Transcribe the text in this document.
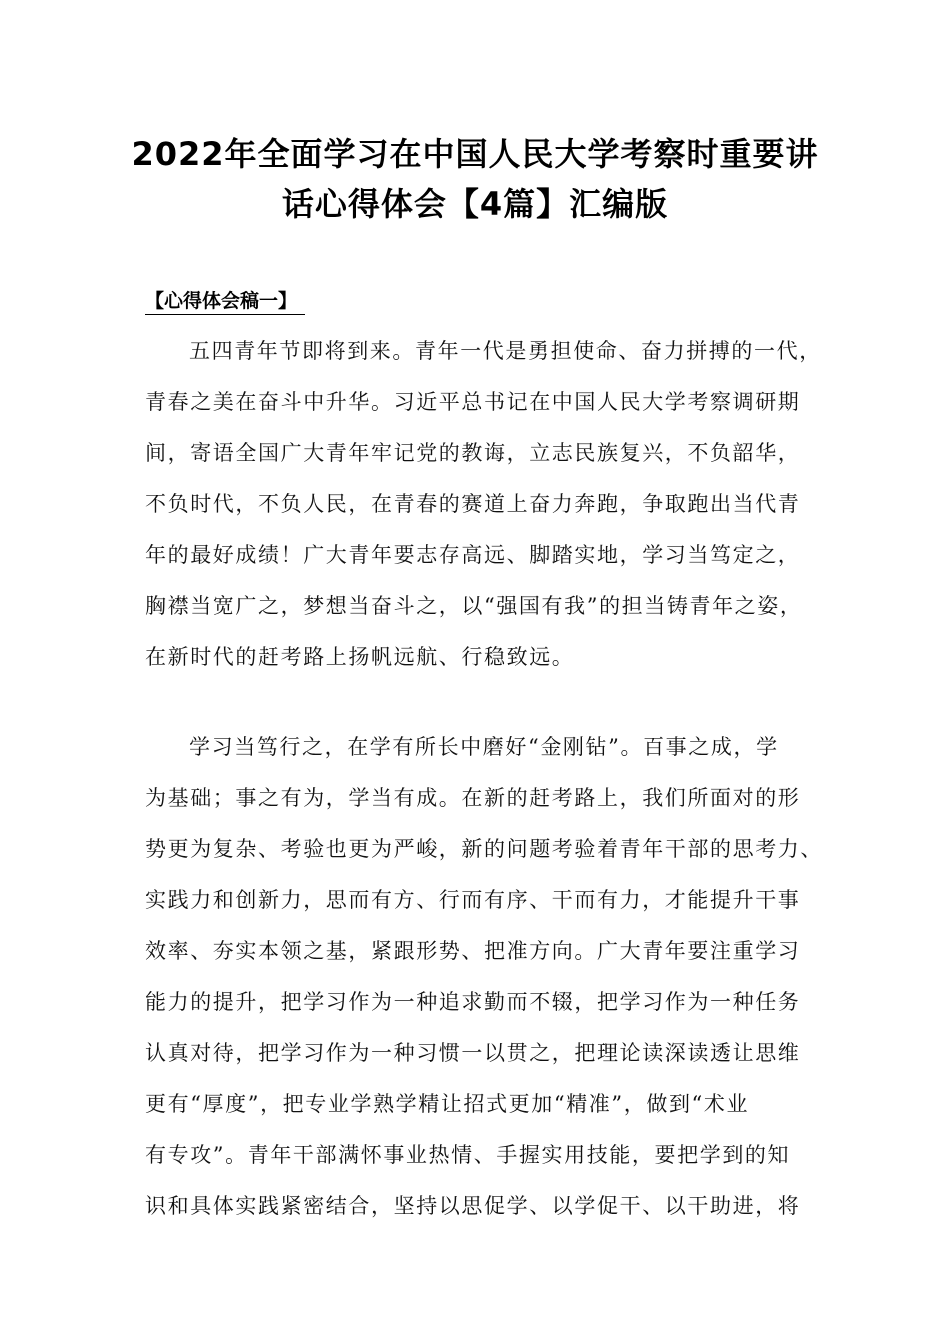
2022年全面学习在中国人民大学考察时重要讲
话心得体会【4篇】汇编版
【心得体会稿一】

五四青年节即将到来。青年一代是勇担使命、奋力拼搏的一代，
青春之美在奋斗中升华。习近平总书记在中国人民大学考察调研期
间，寄语全国广大青年牢记党的教诲，立志民族复兴，不负韶华，
不负时代，不负人民，在青春的赛道上奋力奔跑，争取跑出当代青
年的最好成绩！广大青年要志存高远、脚踏实地，学习当笃定之，
胸襟当宽广之，梦想当奋斗之，以“强国有我”的担当铸青年之姿，
在新时代的赶考路上扬帆远航、行稳致远。

学习当笃行之，在学有所长中磨好“金刚钻”。百事之成，学
为基础；事之有为，学当有成。在新的赶考路上，我们所面对的形
势更为复杂、考验也更为严峻，新的问题考验着青年干部的思考力、
实践力和创新力，思而有方、行而有序、干而有力，才能提升干事
效率、夯实本领之基，紧跟形势、把准方向。广大青年要注重学习
能力的提升，把学习作为一种追求勤而不辍，把学习作为一种任务
认真对待，把学习作为一种习惯一以贯之，把理论读深读透让思维
更有“厚度”，把专业学熟学精让招式更加“精准”，做到“术业
有专攻”。青年干部满怀事业热情、手握实用技能，要把学到的知
识和具体实践紧密结合，坚持以思促学、以学促干、以干助进，将
